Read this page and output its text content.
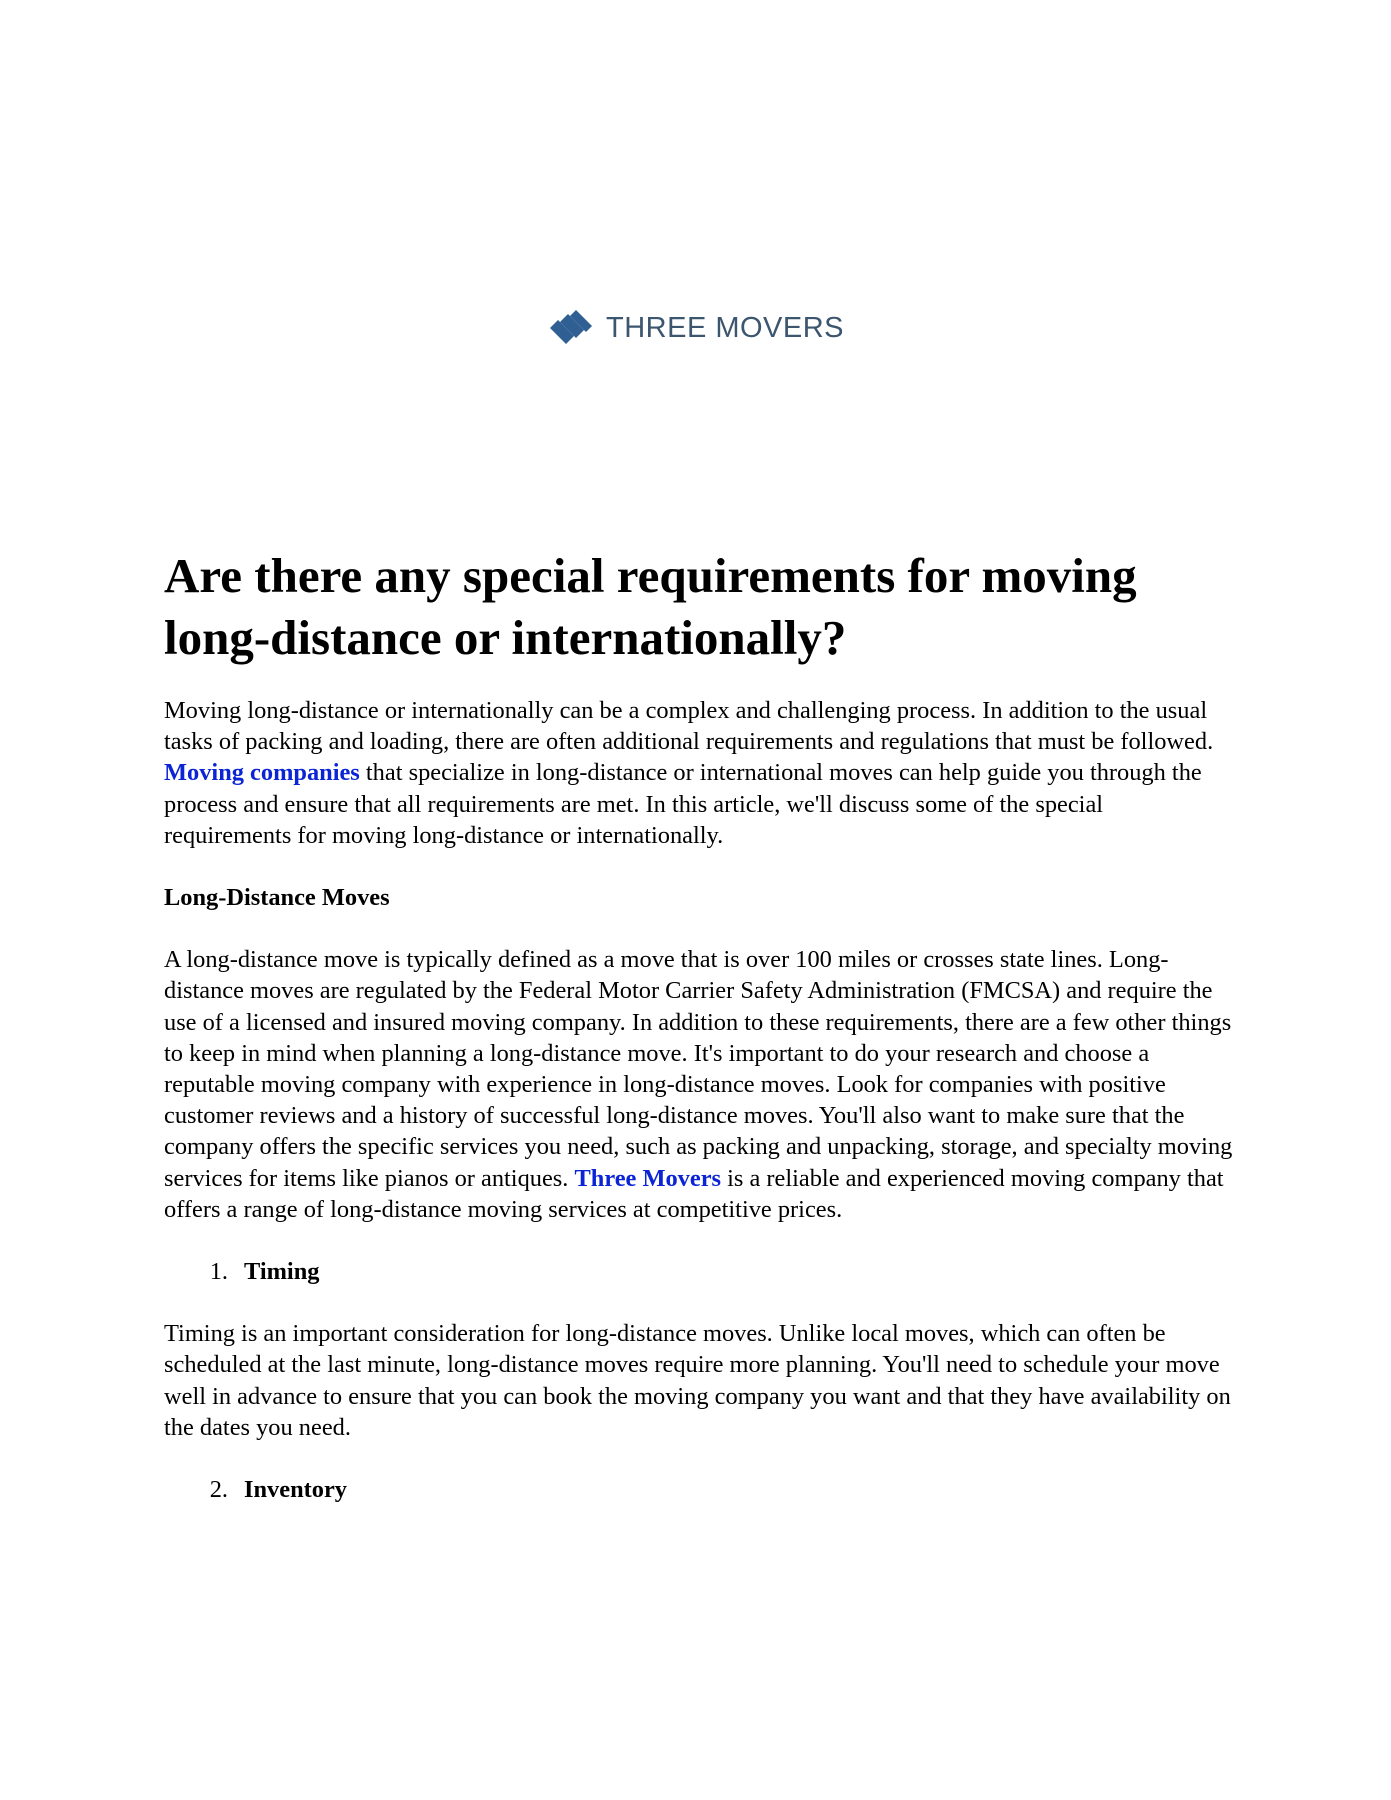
THREE MOVERS
Are there any special requirements for moving long-distance or internationally?

Moving long-distance or internationally can be a complex and challenging process. In addition to the usual tasks of packing and loading, there are often additional requirements and regulations that must be followed. Moving companies that specialize in long-distance or international moves can help guide you through the process and ensure that all requirements are met. In this article, we'll discuss some of the special requirements for moving long-distance or internationally.

Long-Distance Moves

A long-distance move is typically defined as a move that is over 100 miles or crosses state lines. Long-distance moves are regulated by the Federal Motor Carrier Safety Administration (FMCSA) and require the use of a licensed and insured moving company. In addition to these requirements, there are a few other things to keep in mind when planning a long-distance move. It's important to do your research and choose a reputable moving company with experience in long-distance moves. Look for companies with positive customer reviews and a history of successful long-distance moves. You'll also want to make sure that the company offers the specific services you need, such as packing and unpacking, storage, and specialty moving services for items like pianos or antiques. Three Movers is a reliable and experienced moving company that offers a range of long-distance moving services at competitive prices.

1. Timing

Timing is an important consideration for long-distance moves. Unlike local moves, which can often be scheduled at the last minute, long-distance moves require more planning. You'll need to schedule your move well in advance to ensure that you can book the moving company you want and that they have availability on the dates you need.

2. Inventory
